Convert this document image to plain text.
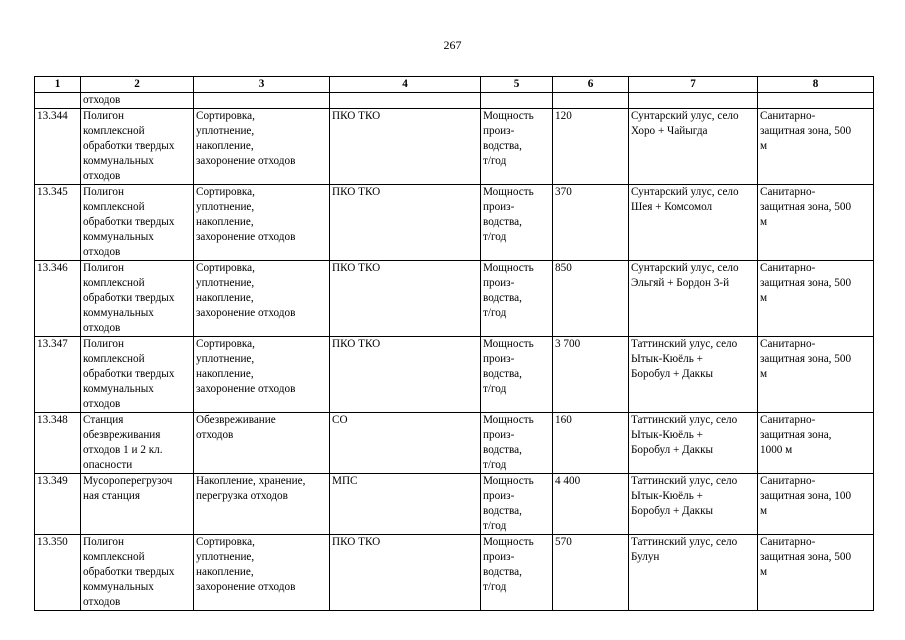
267
1	2	3	4	5	6	7	8
	отходов						

13.344	Полигон
комплексной
обработки твердых
коммунальных
отходов	Сортировка,
уплотнение,
накопление,
захоронение отходов	ПКО ТКО	Мощность
произ-
водства,
т/год	120	Сунтарский улус, село
Хоро + Чайыгда	Санитарно-
защитная зона, 500
м

13.345	Полигон
комплексной
обработки твердых
коммунальных
отходов	Сортировка,
уплотнение,
накопление,
захоронение отходов	ПКО ТКО	Мощность
произ-
водства,
т/год	370	Сунтарский улус, село
Шея + Комсомол	Санитарно-
защитная зона, 500
м

13.346	Полигон
комплексной
обработки твердых
коммунальных
отходов	Сортировка,
уплотнение,
накопление,
захоронение отходов	ПКО ТКО	Мощность
произ-
водства,
т/год	850	Сунтарский улус, село
Эльгяй + Бордон 3-й	Санитарно-
защитная зона, 500
м

13.347	Полигон
комплексной
обработки твердых
коммунальных
отходов	Сортировка,
уплотнение,
накопление,
захоронение отходов	ПКО ТКО	Мощность
произ-
водства,
т/год	3 700	Таттинский улус, село
Ытык-Кюёль +
Боробул + Даккы	Санитарно-
защитная зона, 500
м

13.348	Станция
обезвреживания
отходов 1 и 2 кл.
опасности	Обезвреживание
отходов	СО	Мощность
произ-
водства,
т/год	160	Таттинский улус, село
Ытык-Кюёль +
Боробул + Даккы	Санитарно-
защитная зона,
1000 м

13.349	Мусороперегрузоч
ная станция	Накопление, хранение,
перегрузка отходов	МПС	Мощность
произ-
водства,
т/год	4 400	Таттинский улус, село
Ытык-Кюёль +
Боробул + Даккы	Санитарно-
защитная зона, 100
м

13.350	Полигон
комплексной
обработки твердых
коммунальных
отходов	Сортировка,
уплотнение,
накопление,
захоронение отходов	ПКО ТКО	Мощность
произ-
водства,
т/год	570	Таттинский улус, село
Булун	Санитарно-
защитная зона, 500
м
